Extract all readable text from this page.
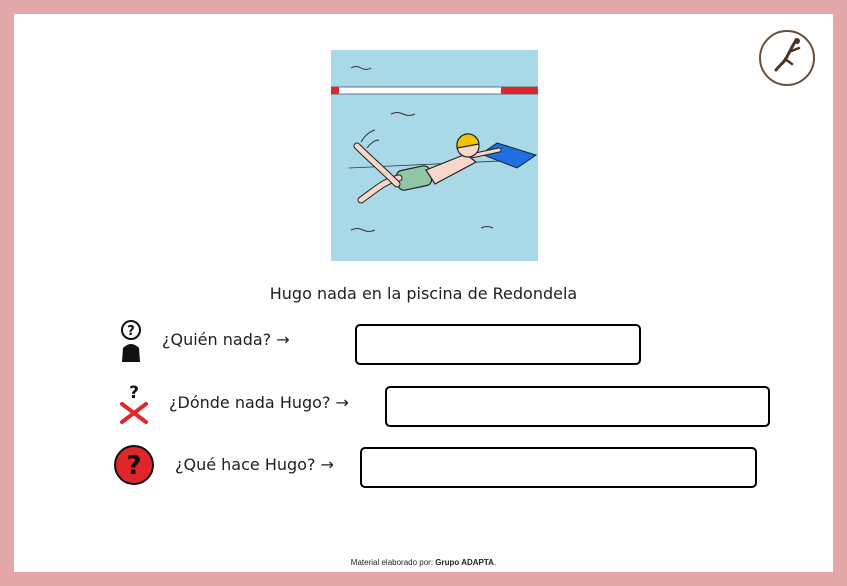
Hugo nada en la piscina de Redondela
? ¿Quién nada? →
? ¿Dónde nada Hugo? →
? ¿Qué hace Hugo? →
Material elaborado por: Grupo ADAPTA.
